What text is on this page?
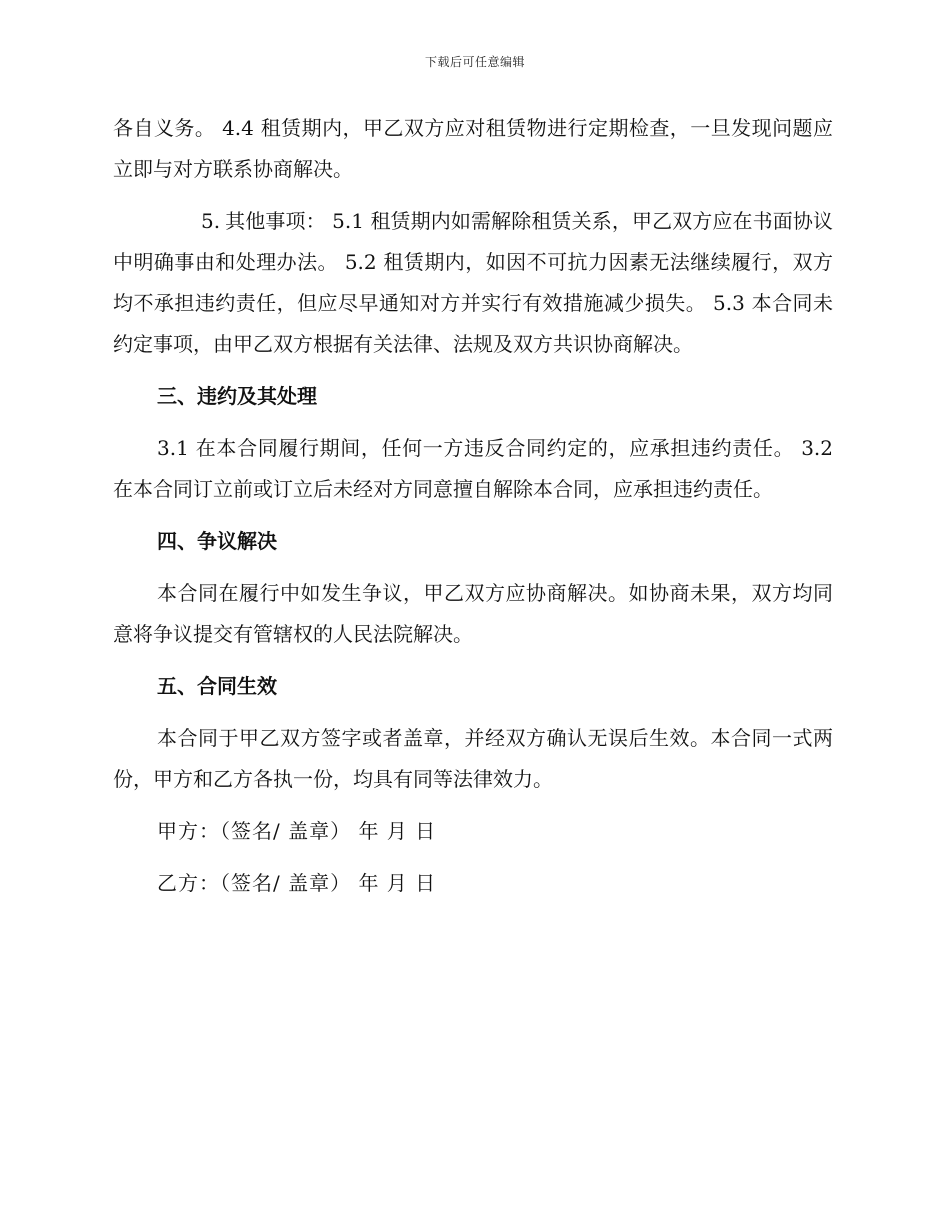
下载后可任意编辑

各自义务。 4.4 租赁期内，甲乙双方应对租赁物进行定期检查，一旦发现问题应立即与对方联系协商解决。

5. 其他事项： 5.1 租赁期内如需解除租赁关系，甲乙双方应在书面协议中明确事由和处理办法。 5.2 租赁期内，如因不可抗力因素无法继续履行，双方均不承担违约责任，但应尽早通知对方并实行有效措施减少损失。 5.3 本合同未约定事项，由甲乙双方根据有关法律、法规及双方共识协商解决。

三、违约及其处理

3.1 在本合同履行期间，任何一方违反合同约定的，应承担违约责任。 3.2 在本合同订立前或订立后未经对方同意擅自解除本合同，应承担违约责任。

四、争议解决

本合同在履行中如发生争议，甲乙双方应协商解决。如协商未果，双方均同意将争议提交有管辖权的人民法院解决。

五、合同生效

本合同于甲乙双方签字或者盖章，并经双方确认无误后生效。本合同一式两份，甲方和乙方各执一份，均具有同等法律效力。

甲方：（签名/ 盖章） 年 月 日
乙方：（签名/ 盖章） 年 月 日
